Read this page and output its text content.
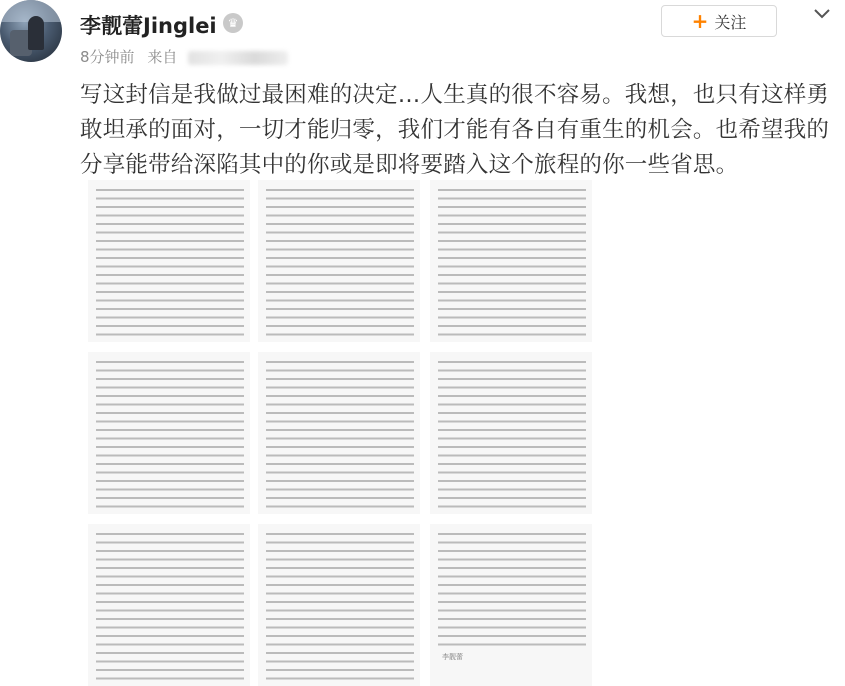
李靓蕾Jinglei ♛
8分钟前 来自
+ 关注
写这封信是我做过最困难的决定…人生真的很不容易。我想，也只有这样勇敢坦承的面对，一切才能归零，我们才能有各自有重生的机会。也希望我的分享能带给深陷其中的你或是即将要踏入这个旅程的你一些省思。
李靓蕾
